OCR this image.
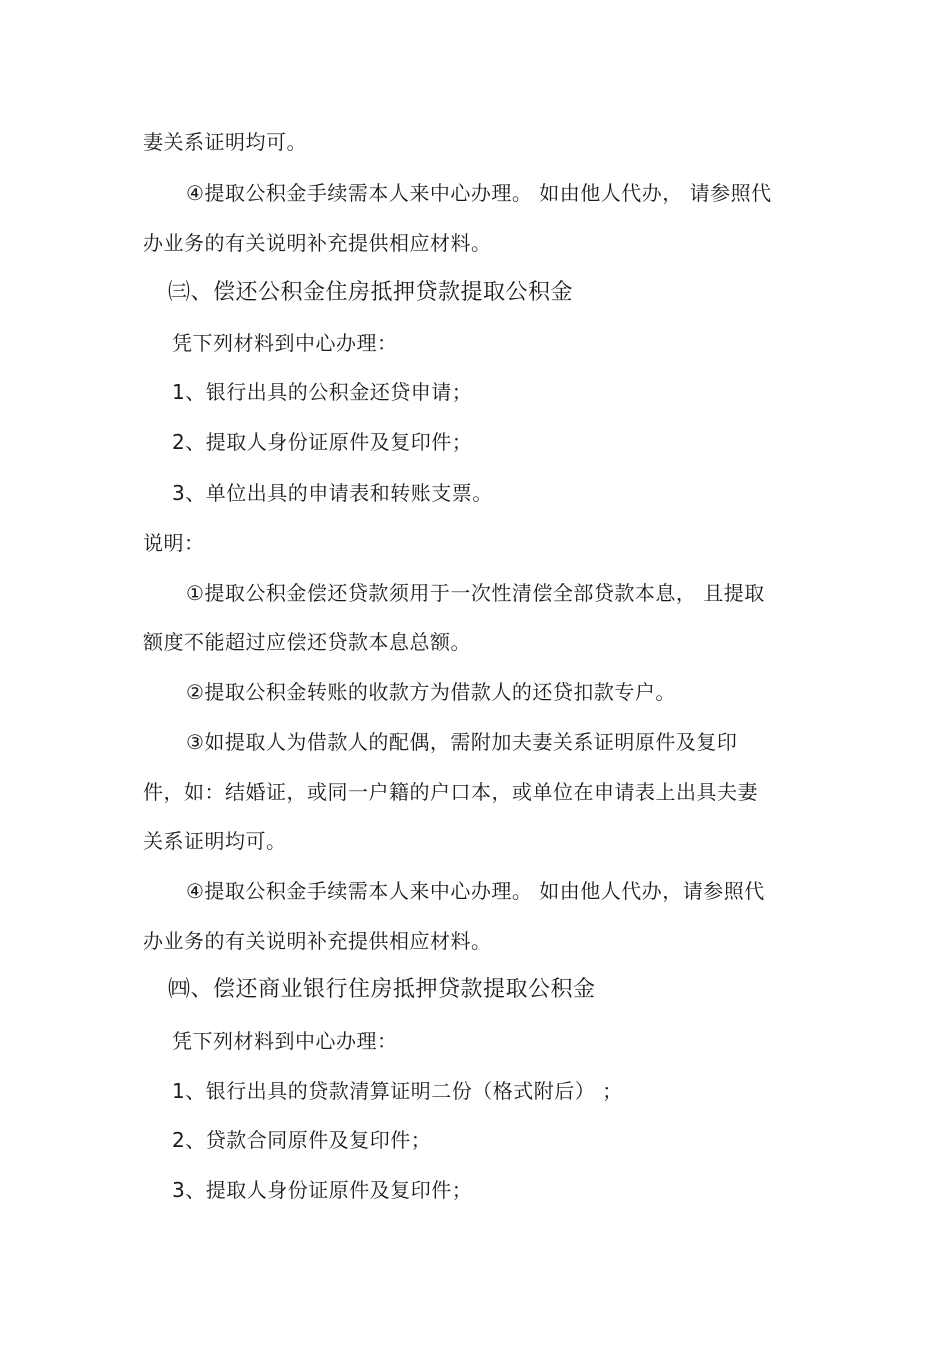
妻关系证明均可。
④提取公积金手续需本人来中心办理。 如由他人代办， 请参照代
办业务的有关说明补充提供相应材料。
㈢、偿还公积金住房抵押贷款提取公积金
凭下列材料到中心办理：
1、银行出具的公积金还贷申请；
2、提取人身份证原件及复印件；
3、单位出具的申请表和转账支票。
说明：
①提取公积金偿还贷款须用于一次性清偿全部贷款本息， 且提取
额度不能超过应偿还贷款本息总额。
②提取公积金转账的收款方为借款人的还贷扣款专户。
③如提取人为借款人的配偶，需附加夫妻关系证明原件及复印
件，如：结婚证，或同一户籍的户口本，或单位在申请表上出具夫妻
关系证明均可。
④提取公积金手续需本人来中心办理。 如由他人代办，请参照代
办业务的有关说明补充提供相应材料。
㈣、偿还商业银行住房抵押贷款提取公积金
凭下列材料到中心办理：
1、银行出具的贷款清算证明二份（格式附后） ；
2、贷款合同原件及复印件；
3、提取人身份证原件及复印件；
